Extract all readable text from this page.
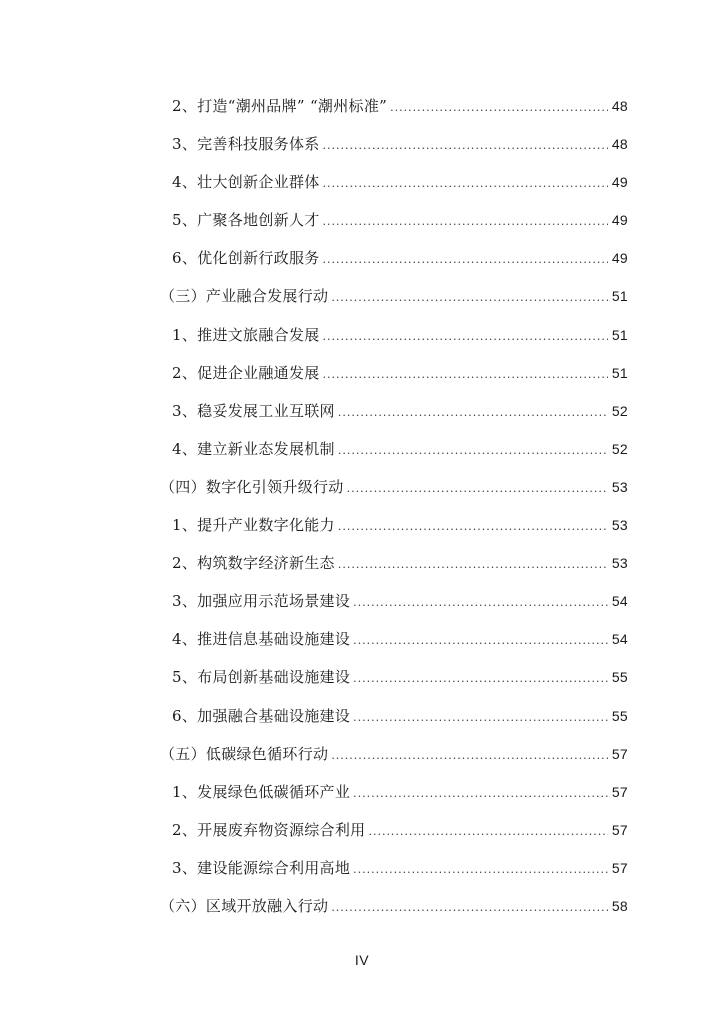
2、打造“潮州品牌” “潮州标准” .....	48
3、完善科技服务体系 .....	48
4、壮大创新企业群体 .....	49
5、广聚各地创新人才 .....	49
6、优化创新行政服务 .....	49
（三）产业融合发展行动 .....	51
1、推进文旅融合发展 .....	51
2、促进企业融通发展 .....	51
3、稳妥发展工业互联网 .....	52
4、建立新业态发展机制 .....	52
（四）数字化引领升级行动 .....	53
1、提升产业数字化能力 .....	53
2、构筑数字经济新生态 .....	53
3、加强应用示范场景建设 .....	54
4、推进信息基础设施建设 .....	54
5、布局创新基础设施建设 .....	55
6、加强融合基础设施建设 .....	55
（五）低碳绿色循环行动 .....	57
1、发展绿色低碳循环产业 .....	57
2、开展废弃物资源综合利用 .....	57
3、建设能源综合利用高地 .....	57
（六）区域开放融入行动 .....	58
IV
